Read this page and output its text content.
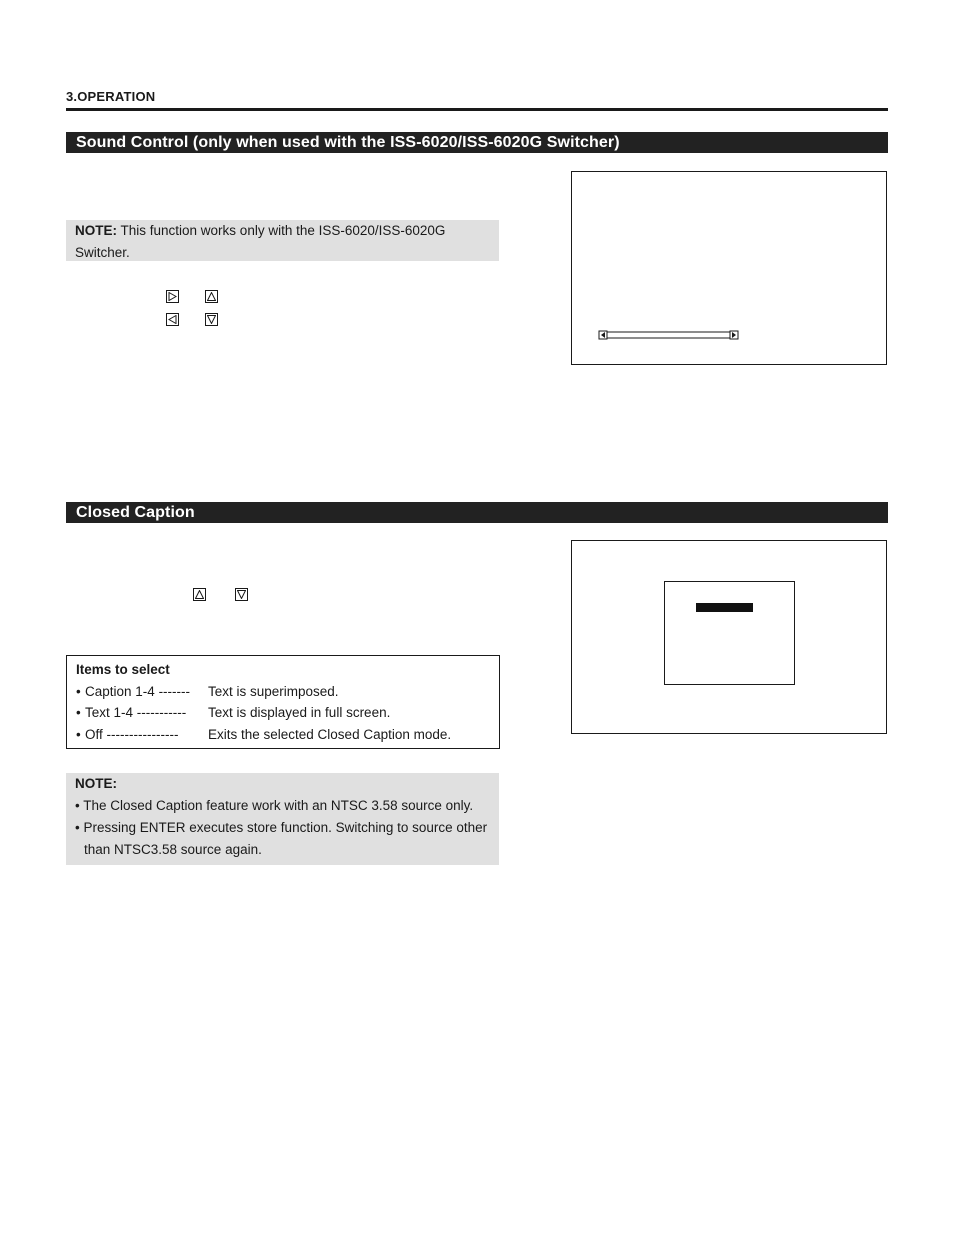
3.OPERATION
Sound Control (only when used with the ISS-6020/ISS-6020G Switcher)
NOTE: This function works only with the ISS-6020/ISS-6020G Switcher.
Closed Caption
Items to select
• Caption 1-4 -------	Text is superimposed.
• Text 1-4 -----------	Text is displayed in full screen.
• Off ----------------	Exits the selected Closed Caption mode.
NOTE:
• The Closed Caption feature work with an NTSC 3.58 source only.
• Pressing ENTER executes store function. Switching to source other than NTSC3.58 source again.
